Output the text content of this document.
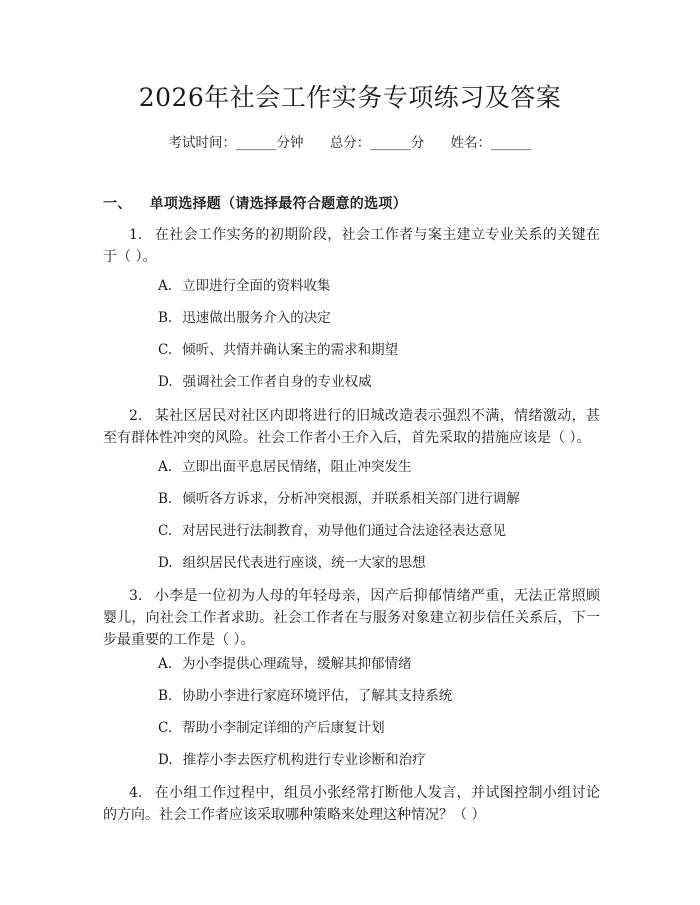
2026年社会工作实务专项练习及答案
考试时间：______分钟 总分：______分 姓名：______
一、 单项选择题（请选择最符合题意的选项）
1. 在社会工作实务的初期阶段，社会工作者与案主建立专业关系的关键在于（ ）。
A. 立即进行全面的资料收集
B. 迅速做出服务介入的决定
C. 倾听、共情并确认案主的需求和期望
D. 强调社会工作者自身的专业权威
2. 某社区居民对社区内即将进行的旧城改造表示强烈不满，情绪激动，甚至有群体性冲突的风险。社会工作者小王介入后，首先采取的措施应该是（ ）。
A. 立即出面平息居民情绪，阻止冲突发生
B. 倾听各方诉求，分析冲突根源，并联系相关部门进行调解
C. 对居民进行法制教育，劝导他们通过合法途径表达意见
D. 组织居民代表进行座谈，统一大家的思想
3. 小李是一位初为人母的年轻母亲，因产后抑郁情绪严重，无法正常照顾婴儿，向社会工作者求助。社会工作者在与服务对象建立初步信任关系后，下一步最重要的工作是（ ）。
A. 为小李提供心理疏导，缓解其抑郁情绪
B. 协助小李进行家庭环境评估，了解其支持系统
C. 帮助小李制定详细的产后康复计划
D. 推荐小李去医疗机构进行专业诊断和治疗
4. 在小组工作过程中，组员小张经常打断他人发言，并试图控制小组讨论的方向。社会工作者应该采取哪种策略来处理这种情况？（ ）
